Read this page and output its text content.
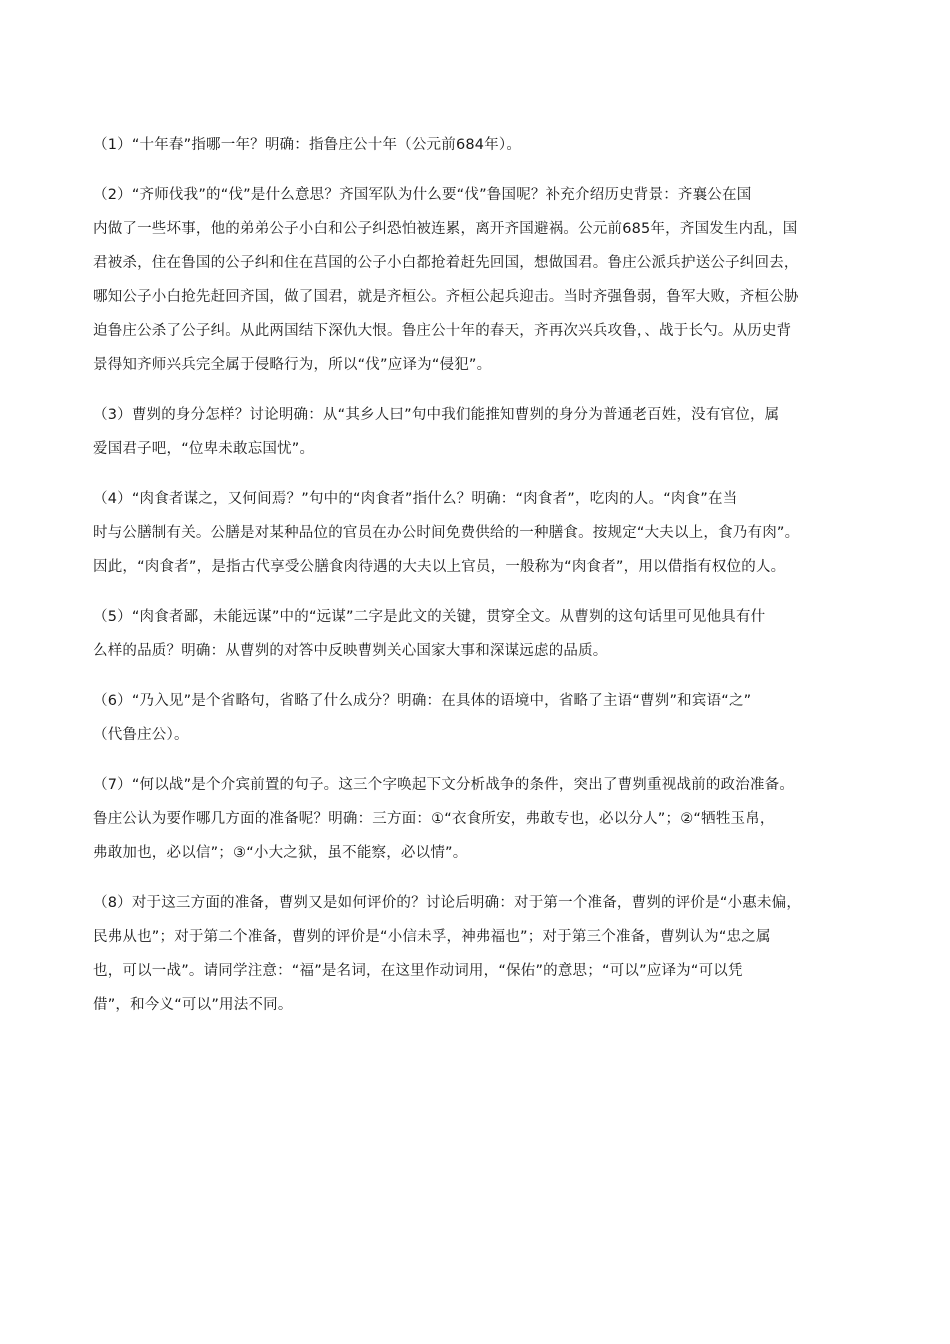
（1）“十年春”指哪一年？明确：指鲁庄公十年（公元前684年）。
（2）“齐师伐我”的“伐”是什么意思？齐国军队为什么要“伐”鲁国呢？补充介绍历史背景：齐襄公在国
内做了一些坏事，他的弟弟公子小白和公子纠恐怕被连累，离开齐国避祸。公元前685年，齐国发生内乱，国
君被杀，住在鲁国的公子纠和住在莒国的公子小白都抢着赶先回国，想做国君。鲁庄公派兵护送公子纠回去，
哪知公子小白抢先赶回齐国，做了国君，就是齐桓公。齐桓公起兵迎击。当时齐强鲁弱，鲁军大败，齐桓公胁
迫鲁庄公杀了公子纠。从此两国结下深仇大恨。鲁庄公十年的春天，齐再次兴兵攻鲁，、战于长勺。从历史背
景得知齐师兴兵完全属于侵略行为，所以“伐”应译为“侵犯”。
（3）曹刿的身分怎样？讨论明确：从“其乡人曰”句中我们能推知曹刿的身分为普通老百姓，没有官位，属
爱国君子吧，“位卑未敢忘国忧”。
（4）“肉食者谋之，又何间焉？”句中的“肉食者”指什么？明确：“肉食者”，吃肉的人。“肉食”在当
时与公膳制有关。公膳是对某种品位的官员在办公时间免费供给的一种膳食。按规定“大夫以上，食乃有肉”。
因此，“肉食者”，是指古代享受公膳食肉待遇的大夫以上官员，一般称为“肉食者”，用以借指有权位的人。
（5）“肉食者鄙，未能远谋”中的“远谋”二字是此文的关键，贯穿全文。从曹刿的这句话里可见他具有什
么样的品质？明确：从曹刿的对答中反映曹刿关心国家大事和深谋远虑的品质。
（6）“乃入见”是个省略句，省略了什么成分？明确：在具体的语境中，省略了主语“曹刿”和宾语“之”
（代鲁庄公）。
（7）“何以战”是个介宾前置的句子。这三个字唤起下文分析战争的条件，突出了曹刿重视战前的政治准备。
鲁庄公认为要作哪几方面的准备呢？明确：三方面：①“衣食所安，弗敢专也，必以分人”；②“牺牲玉帛，
弗敢加也，必以信”；③“小大之狱，虽不能察，必以情”。
（8）对于这三方面的准备，曹刿又是如何评价的？讨论后明确：对于第一个准备，曹刿的评价是“小惠未偏，
民弗从也”；对于第二个准备，曹刿的评价是“小信未孚，神弗福也”；对于第三个准备，曹刿认为“忠之属
也，可以一战”。请同学注意：“福”是名词，在这里作动词用，“保佑”的意思；“可以”应译为“可以凭
借”，和今义“可以”用法不同。
